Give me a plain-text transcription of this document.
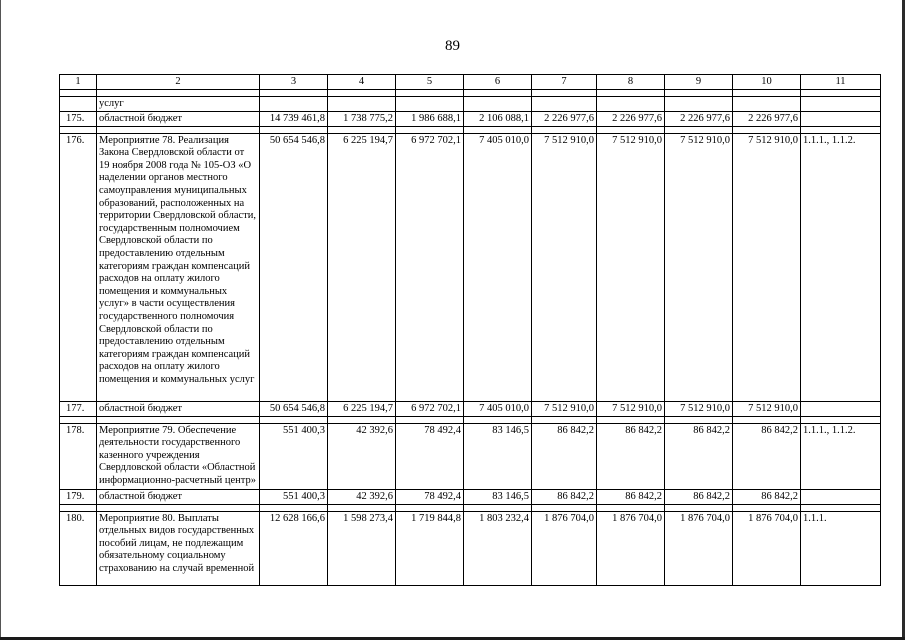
89
1	2	3	4	5	6	7	8	9	10	11

	услуг									
175.	областной бюджет	14 739 461,8	1 738 775,2	1 986 688,1	2 106 088,1	2 226 977,6	2 226 977,6	2 226 977,6	2 226 977,6	

176.	Мероприятие 78. Реализация Закона Свердловской области от 19 ноября 2008 года № 105-ОЗ «О наделении органов местного самоуправления муниципальных образований, расположенных на территории Свердловской области, государственным полномочием Свердловской области по предоставлению отдельным категориям граждан компенсаций расходов на оплату жилого помещения и коммунальных услуг» в части осуществления государственного полномочия Свердловской области по предоставлению отдельным категориям граждан компенсаций расходов на оплату жилого помещения и коммунальных услуг	50 654 546,8	6 225 194,7	6 972 702,1	7 405 010,0	7 512 910,0	7 512 910,0	7 512 910,0	7 512 910,0	1.1.1., 1.1.2.
177.	областной бюджет	50 654 546,8	6 225 194,7	6 972 702,1	7 405 010,0	7 512 910,0	7 512 910,0	7 512 910,0	7 512 910,0	

178.	Мероприятие 79. Обеспечение деятельности государственного казенного учреждения Свердловской области «Областной информационно-расчетный центр»	551 400,3	42 392,6	78 492,4	83 146,5	86 842,2	86 842,2	86 842,2	86 842,2	1.1.1., 1.1.2.
179.	областной бюджет	551 400,3	42 392,6	78 492,4	83 146,5	86 842,2	86 842,2	86 842,2	86 842,2	

180.	Мероприятие 80. Выплаты отдельных видов государственных пособий лицам, не подлежащим обязательному социальному страхованию на случай временной	12 628 166,6	1 598 273,4	1 719 844,8	1 803 232,4	1 876 704,0	1 876 704,0	1 876 704,0	1 876 704,0	1.1.1.
